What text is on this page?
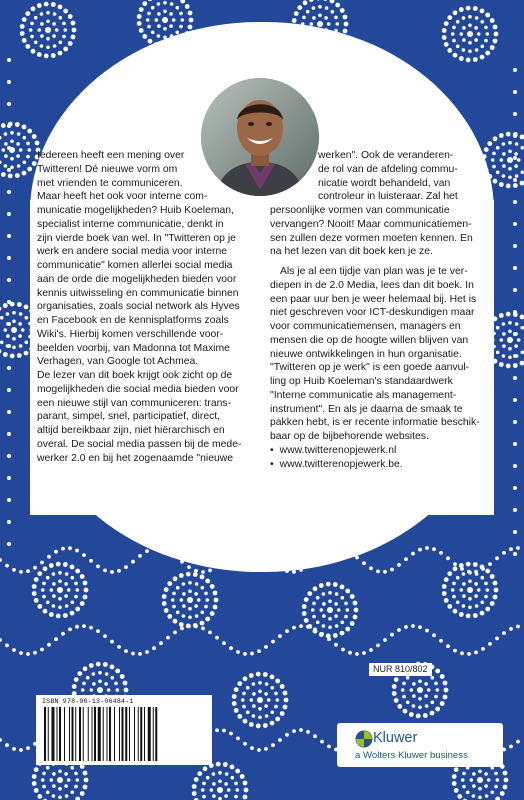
Iedereen heeft een mening over
Twitteren! Dé nieuwe vorm om
met vrienden te communiceren.
Maar heeft het ook voor interne com-
municatie mogelijkheden? Huib Koeleman,
specialist interne communicatie, denkt in
zijn vierde boek van wel. In "Twitteren op je
werk en andere social media voor interne
communicatie" komen allerlei social media
aan de orde die mogelijkheden bieden voor
kennis uitwisseling en communicatie binnen
organisaties, zoals social network als Hyves
en Facebook en de kennisplatforms zoals
Wiki's. Hierbij komen verschillende voor-
beelden voorbij, van Madonna tot Maxime
Verhagen, van Google tot Achmea.

De lezer van dit boek krijgt ook zicht op de
mogelijkheden die social media bieden voor
een nieuwe stijl van communiceren: trans-
parant, simpel, snel, participatief, direct,
altijd bereikbaar zijn, niet hiërarchisch en
overal. De social media passen bij de mede-
werker 2.0 en bij het zogenaamde "nieuwe

werken". Ook de veranderen-
de rol van de afdeling commu-
nicatie wordt behandeld, van
controleur in luisteraar. Zal het
persoonlijke vormen van communicatie
vervangen? Nooit! Maar communicatiemen-
sen zullen deze vormen moeten kennen. En
na het lezen van dit boek ken je ze.

Als je al een tijdje van plan was je te ver-
diepen in de 2.0 Media, lees dan dit boek. In
een paar uur ben je weer helemaal bij. Het is
niet geschreven voor ICT-deskundigen maar
voor communicatiemensen, managers en
mensen die op de hoogte willen blijven van
nieuwe ontwikkelingen in hun organisatie.
"Twitteren op je werk" is een goede aanvul-
ling op Huib Koeleman's standaardwerk
"Interne communicatie als management-
instrument". En als je daarna de smaak te
pakken hebt, is er recente informatie beschik-
baar op de bijbehorende websites.

• www.twitterenopjewerk.nl
• www.twitterenopjewerk.be.
NUR 810/802
ISBN 978-90-13-06484-1
Kluwer
a Wolters Kluwer business
